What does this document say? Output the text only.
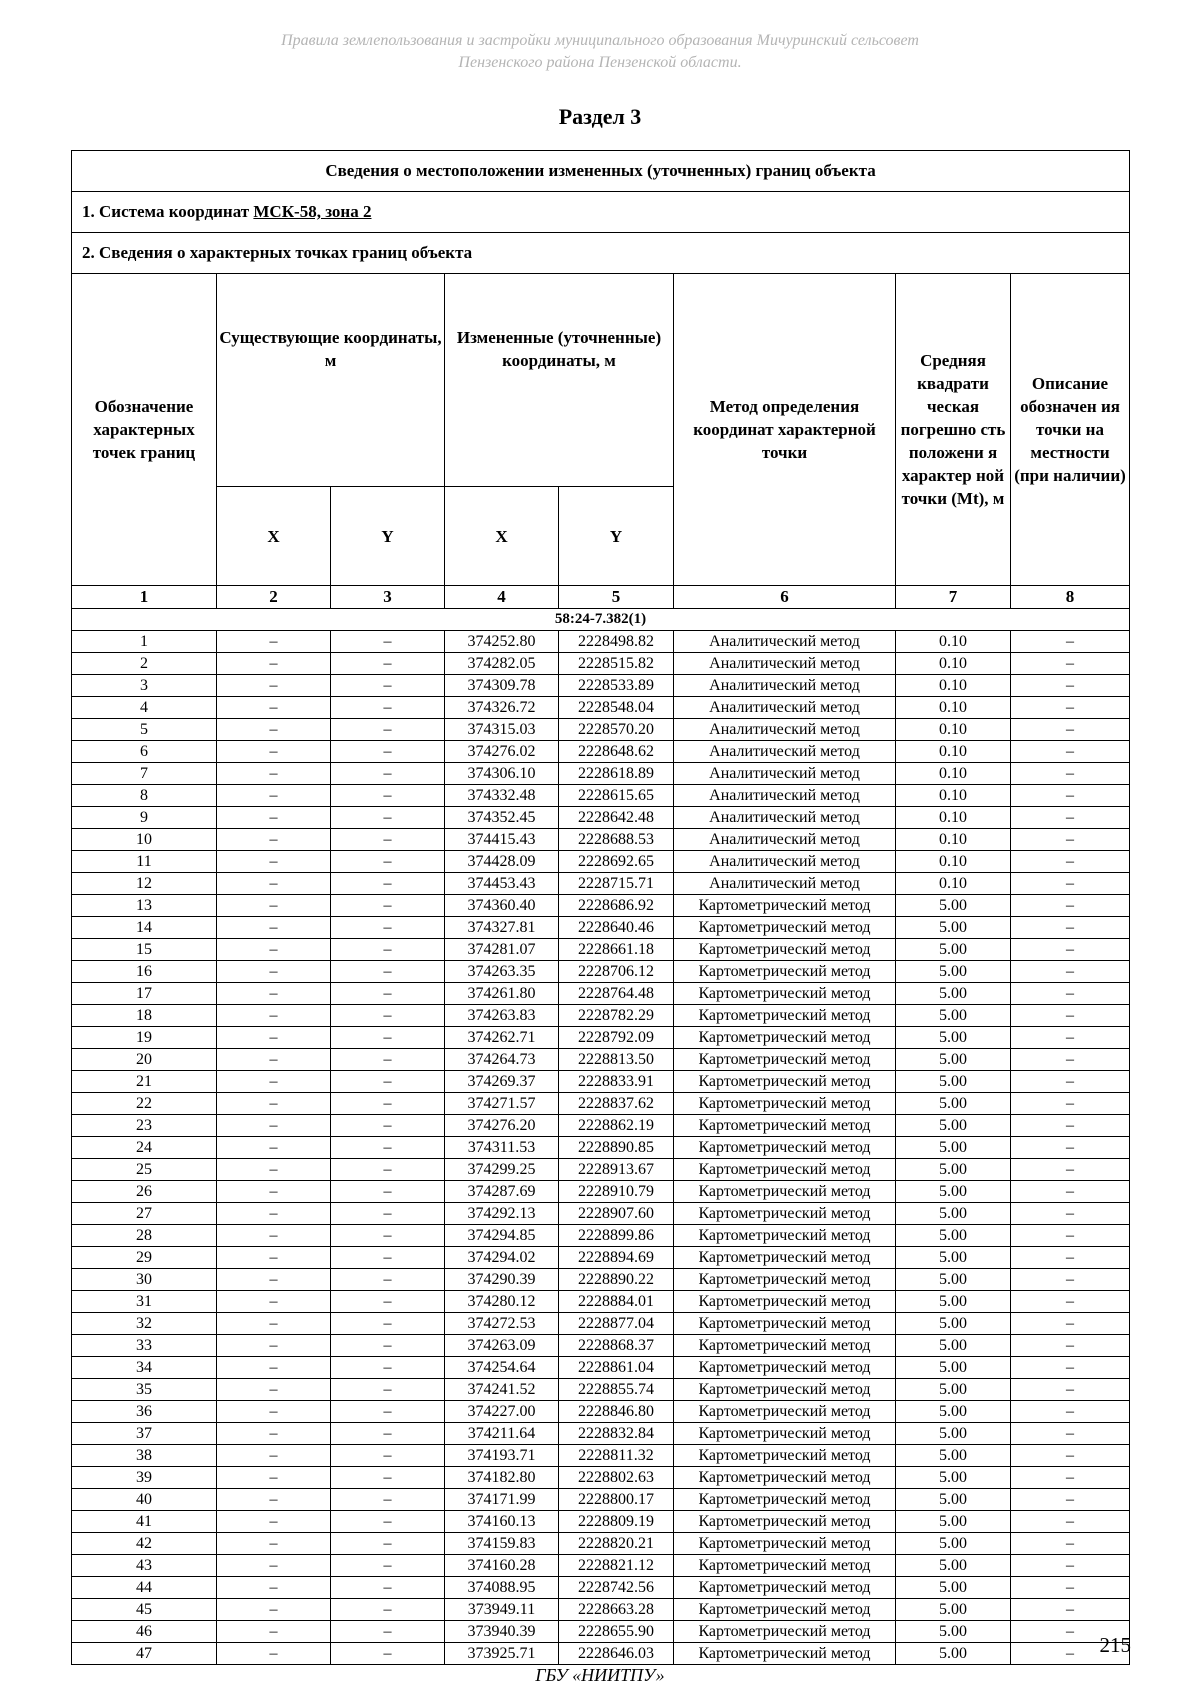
Правила землепользования и застройки муниципального образования Мичуринский сельсовет
Пензенского района Пензенской области.
Раздел 3
Сведения о местоположении измененных (уточненных) границ объекта							
1. Система координат МСК-58, зона 2							
2. Сведения о характерных точках границ объекта							
Обозначение характерных точек границ	Существующие координаты, м		Измененные (уточненные) координаты, м		Метод определения координат характерной точки	Средняя квадрати ческая погрешно сть положени я характер ной точки (Mt), м	Описание обозначен ия точки на местности (при наличии)
	X	Y	X	Y			
1	2	3	4	5	6	7	8
58:24-7.382(1)							
1	–	–	374252.80	2228498.82	Аналитический метод	0.10	–
2	–	–	374282.05	2228515.82	Аналитический метод	0.10	–
3	–	–	374309.78	2228533.89	Аналитический метод	0.10	–
4	–	–	374326.72	2228548.04	Аналитический метод	0.10	–
5	–	–	374315.03	2228570.20	Аналитический метод	0.10	–
6	–	–	374276.02	2228648.62	Аналитический метод	0.10	–
7	–	–	374306.10	2228618.89	Аналитический метод	0.10	–
8	–	–	374332.48	2228615.65	Аналитический метод	0.10	–
9	–	–	374352.45	2228642.48	Аналитический метод	0.10	–
10	–	–	374415.43	2228688.53	Аналитический метод	0.10	–
11	–	–	374428.09	2228692.65	Аналитический метод	0.10	–
12	–	–	374453.43	2228715.71	Аналитический метод	0.10	–
13	–	–	374360.40	2228686.92	Картометрический метод	5.00	–
14	–	–	374327.81	2228640.46	Картометрический метод	5.00	–
15	–	–	374281.07	2228661.18	Картометрический метод	5.00	–
16	–	–	374263.35	2228706.12	Картометрический метод	5.00	–
17	–	–	374261.80	2228764.48	Картометрический метод	5.00	–
18	–	–	374263.83	2228782.29	Картометрический метод	5.00	–
19	–	–	374262.71	2228792.09	Картометрический метод	5.00	–
20	–	–	374264.73	2228813.50	Картометрический метод	5.00	–
21	–	–	374269.37	2228833.91	Картометрический метод	5.00	–
22	–	–	374271.57	2228837.62	Картометрический метод	5.00	–
23	–	–	374276.20	2228862.19	Картометрический метод	5.00	–
24	–	–	374311.53	2228890.85	Картометрический метод	5.00	–
25	–	–	374299.25	2228913.67	Картометрический метод	5.00	–
26	–	–	374287.69	2228910.79	Картометрический метод	5.00	–
27	–	–	374292.13	2228907.60	Картометрический метод	5.00	–
28	–	–	374294.85	2228899.86	Картометрический метод	5.00	–
29	–	–	374294.02	2228894.69	Картометрический метод	5.00	–
30	–	–	374290.39	2228890.22	Картометрический метод	5.00	–
31	–	–	374280.12	2228884.01	Картометрический метод	5.00	–
32	–	–	374272.53	2228877.04	Картометрический метод	5.00	–
33	–	–	374263.09	2228868.37	Картометрический метод	5.00	–
34	–	–	374254.64	2228861.04	Картометрический метод	5.00	–
35	–	–	374241.52	2228855.74	Картометрический метод	5.00	–
36	–	–	374227.00	2228846.80	Картометрический метод	5.00	–
37	–	–	374211.64	2228832.84	Картометрический метод	5.00	–
38	–	–	374193.71	2228811.32	Картометрический метод	5.00	–
39	–	–	374182.80	2228802.63	Картометрический метод	5.00	–
40	–	–	374171.99	2228800.17	Картометрический метод	5.00	–
41	–	–	374160.13	2228809.19	Картометрический метод	5.00	–
42	–	–	374159.83	2228820.21	Картометрический метод	5.00	–
43	–	–	374160.28	2228821.12	Картометрический метод	5.00	–
44	–	–	374088.95	2228742.56	Картометрический метод	5.00	–
45	–	–	373949.11	2228663.28	Картометрический метод	5.00	–
46	–	–	373940.39	2228655.90	Картометрический метод	5.00	–
47	–	–	373925.71	2228646.03	Картометрический метод	5.00	– 215
ГБУ «НИИТПУ»
